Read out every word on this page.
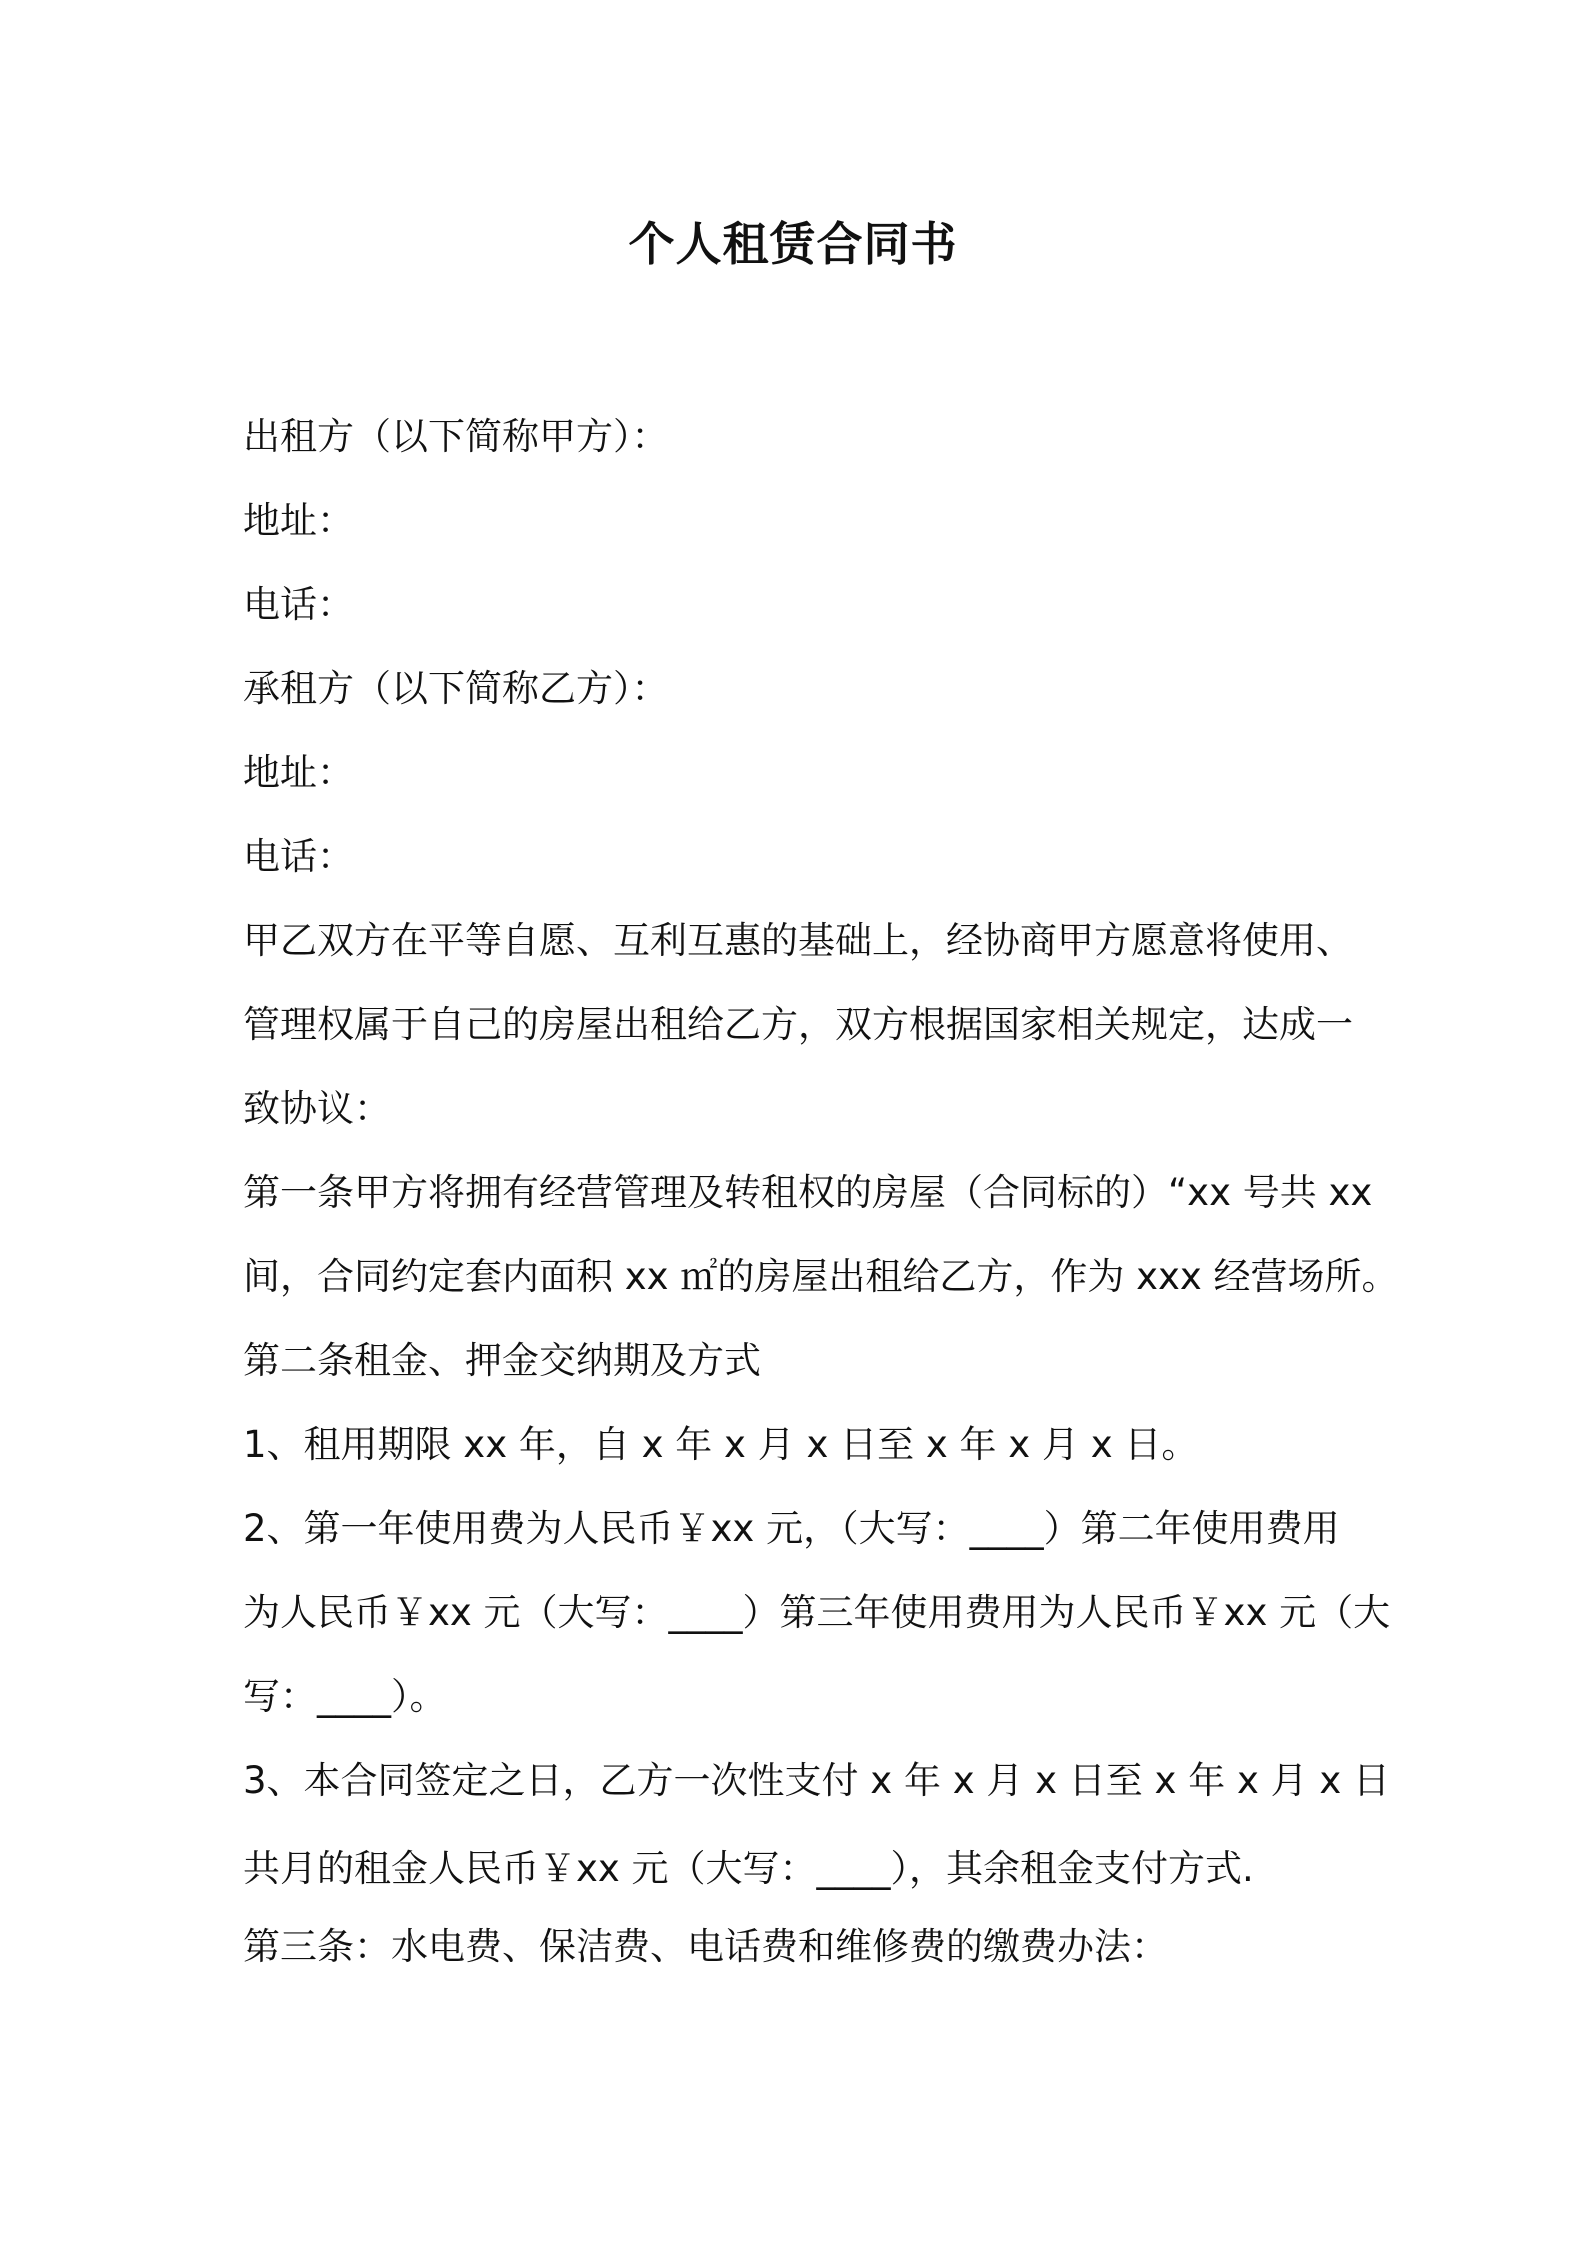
个人租赁合同书

出租方（以下简称甲方）：

地址：

电话：

承租方（以下简称乙方）：

地址：

电话：

甲乙双方在平等自愿、互利互惠的基础上，经协商甲方愿意将使用、

管理权属于自己的房屋出租给乙方，双方根据国家相关规定，达成一

致协议：

第一条甲方将拥有经营管理及转租权的房屋（合同标的）“xx 号共 xx

间，合同约定套内面积 xx ㎡的房屋出租给乙方，作为 xxx 经营场所。

第二条租金、押金交纳期及方式

1、租用期限 xx 年，自 x 年 x 月 x 日至 x 年 x 月 x 日。

2、第一年使用费为人民币￥xx 元，（大写：____）第二年使用费用

为人民币￥xx 元（大写：____）第三年使用费用为人民币￥xx 元（大

写：____）。

3、本合同签定之日，乙方一次性支付 x 年 x 月 x 日至 x 年 x 月 x 日

共月的租金人民币￥xx 元（大写：____），其余租金支付方式.

第三条：水电费、保洁费、电话费和维修费的缴费办法：
